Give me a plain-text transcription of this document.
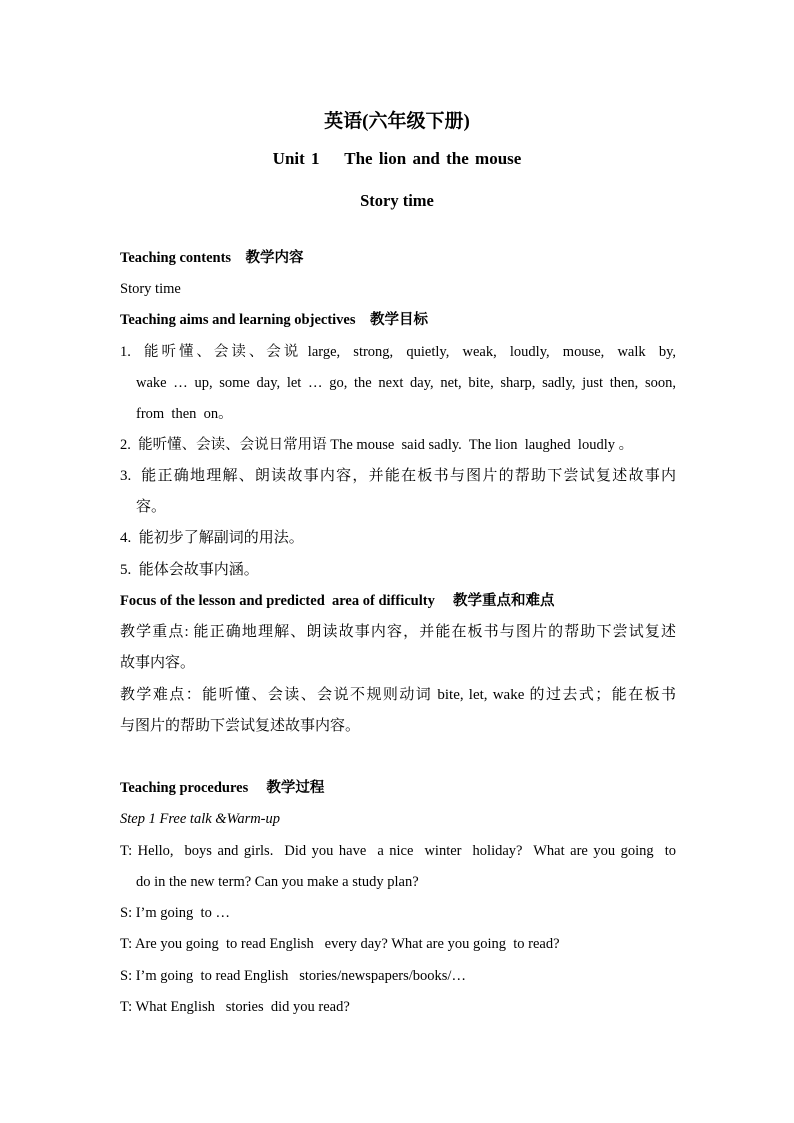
英语(六年级下册)
Unit 1    The lion and the mouse
Story time
Teaching contents    教学内容
Story time
Teaching aims and learning objectives    教学目标
1.  能听懂、会读、会说 large,  strong,  quietly,  weak,  loudly,  mouse,  walk  by,
wake … up, some day, let … go, the next day, net, bite, sharp, sadly, just then, soon,
from  then  on。
2.  能听懂、会读、会说日常用语 The mouse  said sadly.  The lion  laughed  loudly 。
3.  能正确地理解、朗读故事内容，并能在板书与图片的帮助下尝试复述故事内
容。
4.  能初步了解副词的用法。
5.  能体会故事内涵。
Focus of the lesson and predicted  area of difficulty     教学重点和难点
教学重点: 能正确地理解、朗读故事内容，并能在板书与图片的帮助下尝试复述
故事内容。
教学难点：能听懂、会读、会说不规则动词 bite, let, wake 的过去式；能在板书
与图片的帮助下尝试复述故事内容。
Teaching procedures     教学过程
Step 1 Free talk &Warm-up
T: Hello,  boys and girls.  Did you have  a nice  winter  holiday?  What are you going  to
do in the new term? Can you make a study plan?
S: I’m going  to …
T: Are you going  to read English   every day? What are you going  to read?
S: I’m going  to read English   stories/newspapers/books/…
T: What English   stories  did you read?
